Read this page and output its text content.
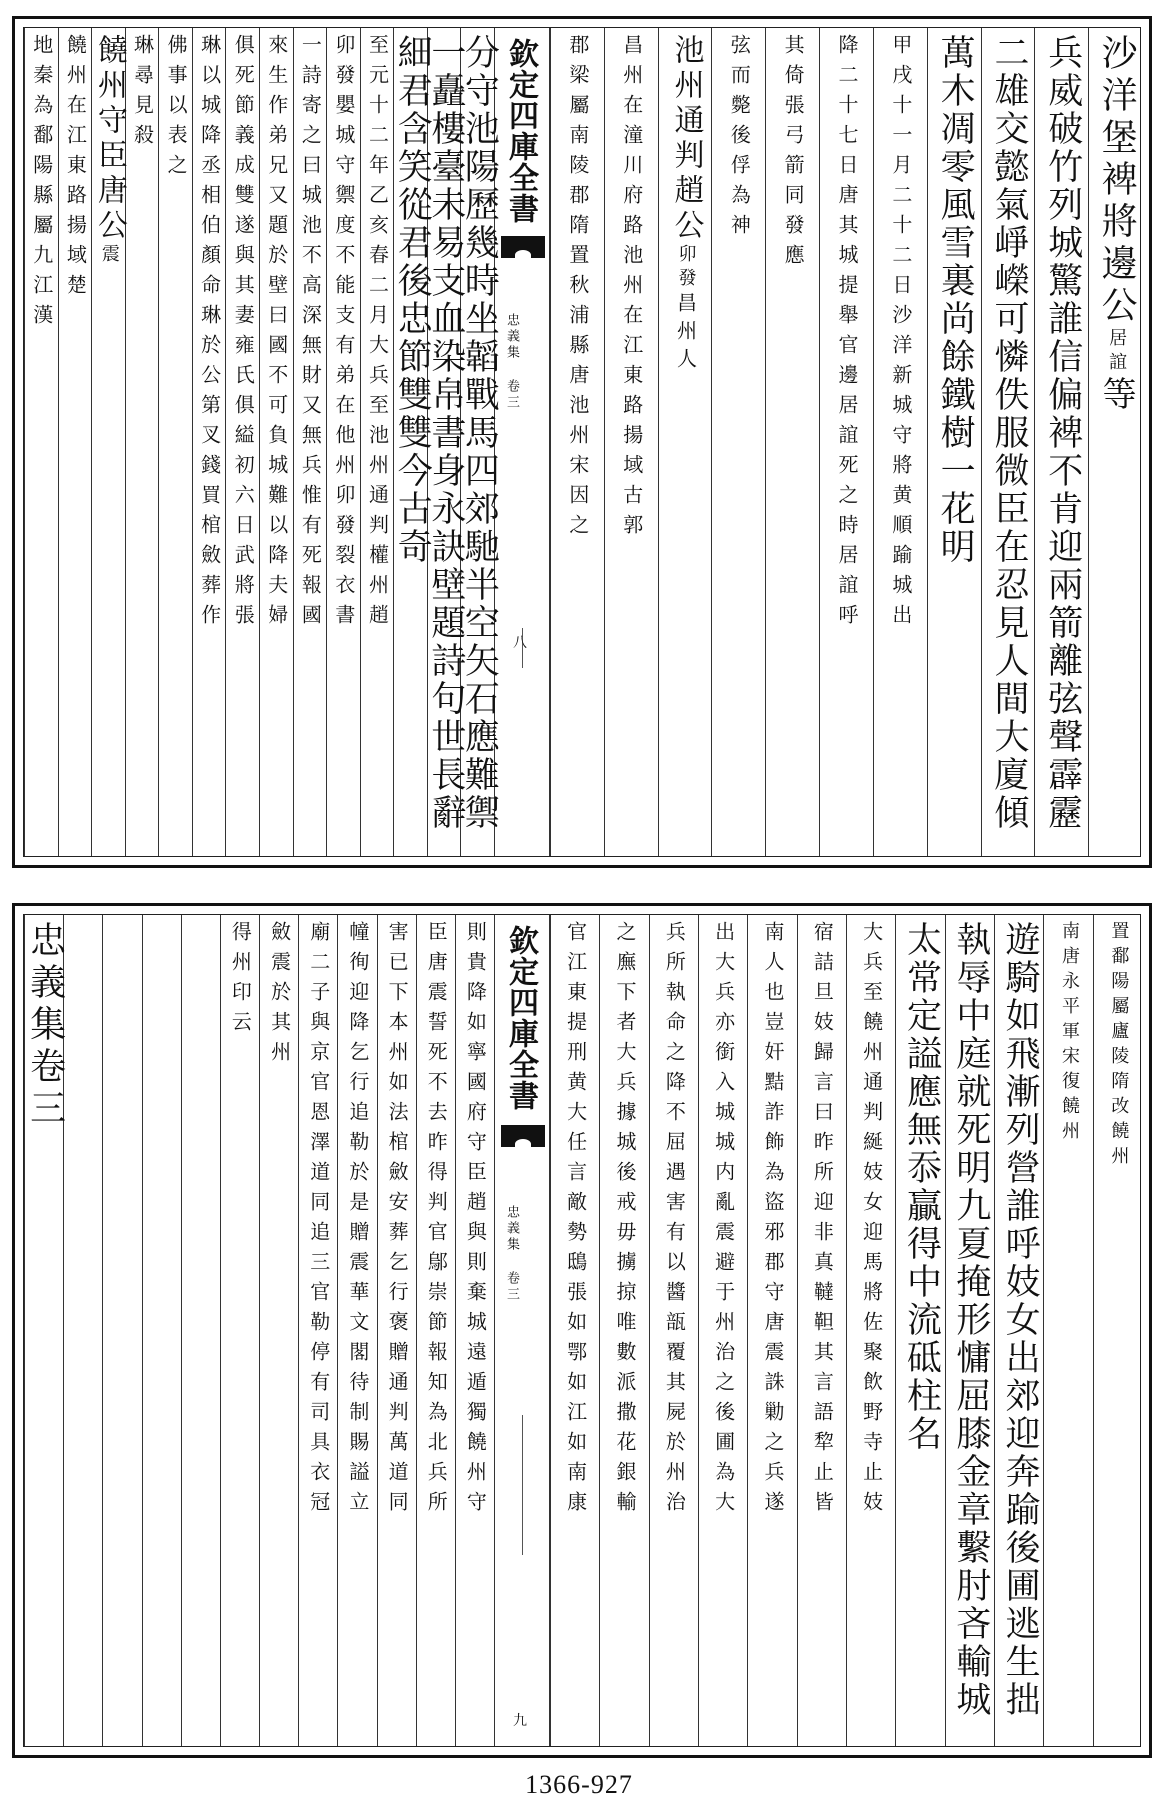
欽定四庫全書
忠義集 卷三
八
沙洋堡裨將邊公居誼等
兵威破竹列城驚誰信偏裨不肯迎兩箭離弦聲霹靂
二雄交懿氣崢嶸可憐佚服微臣在忍見人間大廈傾
萬木凋零風雪裏尚餘鐵樹一花明
甲戌十一月二十二日沙洋新城守將黄順踰城出
降二十七日唐其城提舉官邊居誼死之時居誼呼
其倚張弓箭同發應
弦而斃後俘為神
池州通判趙公卯發昌州人
昌州在潼川府路池州在江東路揚域古郭
郡梁屬南陵郡隋置秋浦縣唐池州宋因之
分守池陽歷幾時坐韜戰馬四郊馳半空矢石應難禦
一矗樓臺未易支血染帛書身永訣壁題詩句世長辭
細君含笑從君後忠節雙雙今古奇
至元十二年乙亥春二月大兵至池州通判權州趙
卯發嬰城守禦度不能支有弟在他州卯發裂衣書
一詩寄之曰城池不高深無財又無兵惟有死報國
來生作弟兄又題於壁曰國不可負城難以降夫婦
俱死節義成雙遂與其妻雍氏俱縊初六日武將張
琳以城降丞相伯顏命琳於公第叉錢買棺斂葬作
佛事以表之
琳尋見殺
饒州守臣唐公震
饒州在江東路揚域楚
地秦為鄱陽縣屬九江漢
欽定四庫全書
忠義集 卷三
九
置鄱陽屬廬陵隋改饒州
南唐永平軍宋復饒州
遊騎如飛漸列營誰呼妓女出郊迎奔踰後圃逃生拙
執辱中庭就死明九夏掩形慵屈膝金章繫肘吝輸城
太常定謚應無忝贏得中流砥柱名
大兵至饒州通判綖妓女迎馬將佐聚飲野寺止妓
宿詰旦妓歸言曰昨所迎非真韃靼其言語犂止皆
南人也豈奸黠詐飾為盜邪郡守唐震誅勦之兵遂
出大兵亦銜入城城内亂震避于州治之後圃為大
兵所執命之降不屈遇害有以醬瓿覆其屍於州治
之廡下者大兵據城後戒毋擄掠唯數派撒花銀輸
官江東提刑黄大任言敵勢鴟張如鄂如江如南康
則貴降如寧國府守臣趙與則棄城遠遁獨饒州守
臣唐震誓死不去昨得判官鄔崇節報知為北兵所
害已下本州如法棺斂安葬乞行褒贈通判萬道同
幢徇迎降乞行追勒於是贈震華文閣待制賜謚立
廟二子與京官恩澤道同追三官勒停有司具衣冠
斂震於其州
得州印云
忠義集卷三
1366-927
